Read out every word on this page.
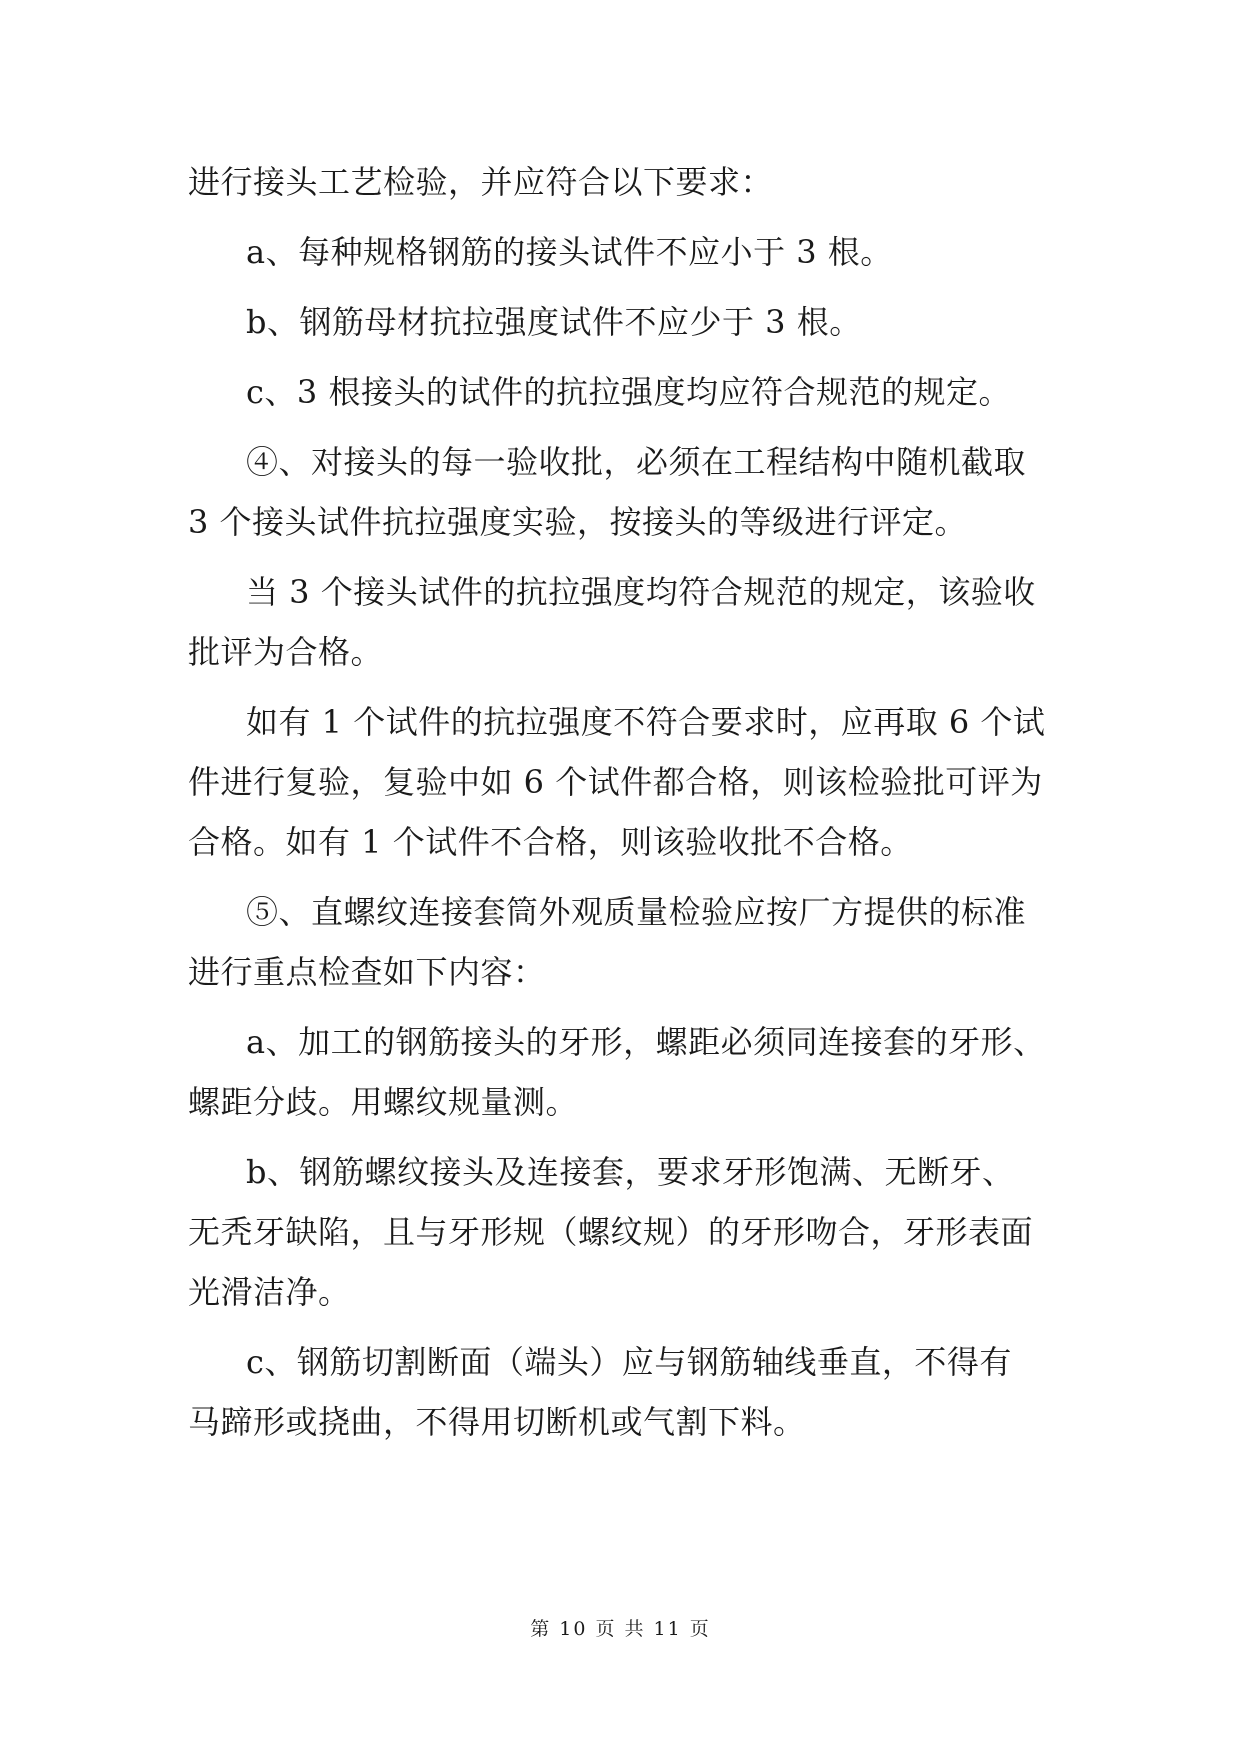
进行接头工艺检验，并应符合以下要求：
a、每种规格钢筋的接头试件不应小于 3 根。
b、钢筋母材抗拉强度试件不应少于 3 根。
c、3 根接头的试件的抗拉强度均应符合规范的规定。
④、对接头的每一验收批，必须在工程结构中随机截取
3 个接头试件抗拉强度实验，按接头的等级进行评定。
当 3 个接头试件的抗拉强度均符合规范的规定，该验收
批评为合格。
如有 1 个试件的抗拉强度不符合要求时，应再取 6 个试
件进行复验，复验中如 6 个试件都合格，则该检验批可评为
合格。如有 1 个试件不合格，则该验收批不合格。
⑤、直螺纹连接套筒外观质量检验应按厂方提供的标准
进行重点检查如下内容：
a、加工的钢筋接头的牙形，螺距必须同连接套的牙形、
螺距分歧。用螺纹规量测。
b、钢筋螺纹接头及连接套，要求牙形饱满、无断牙、
无秃牙缺陷，且与牙形规（螺纹规）的牙形吻合，牙形表面
光滑洁净。
c、钢筋切割断面（端头）应与钢筋轴线垂直，不得有
马蹄形或挠曲，不得用切断机或气割下料。
第 10 页 共 11 页
